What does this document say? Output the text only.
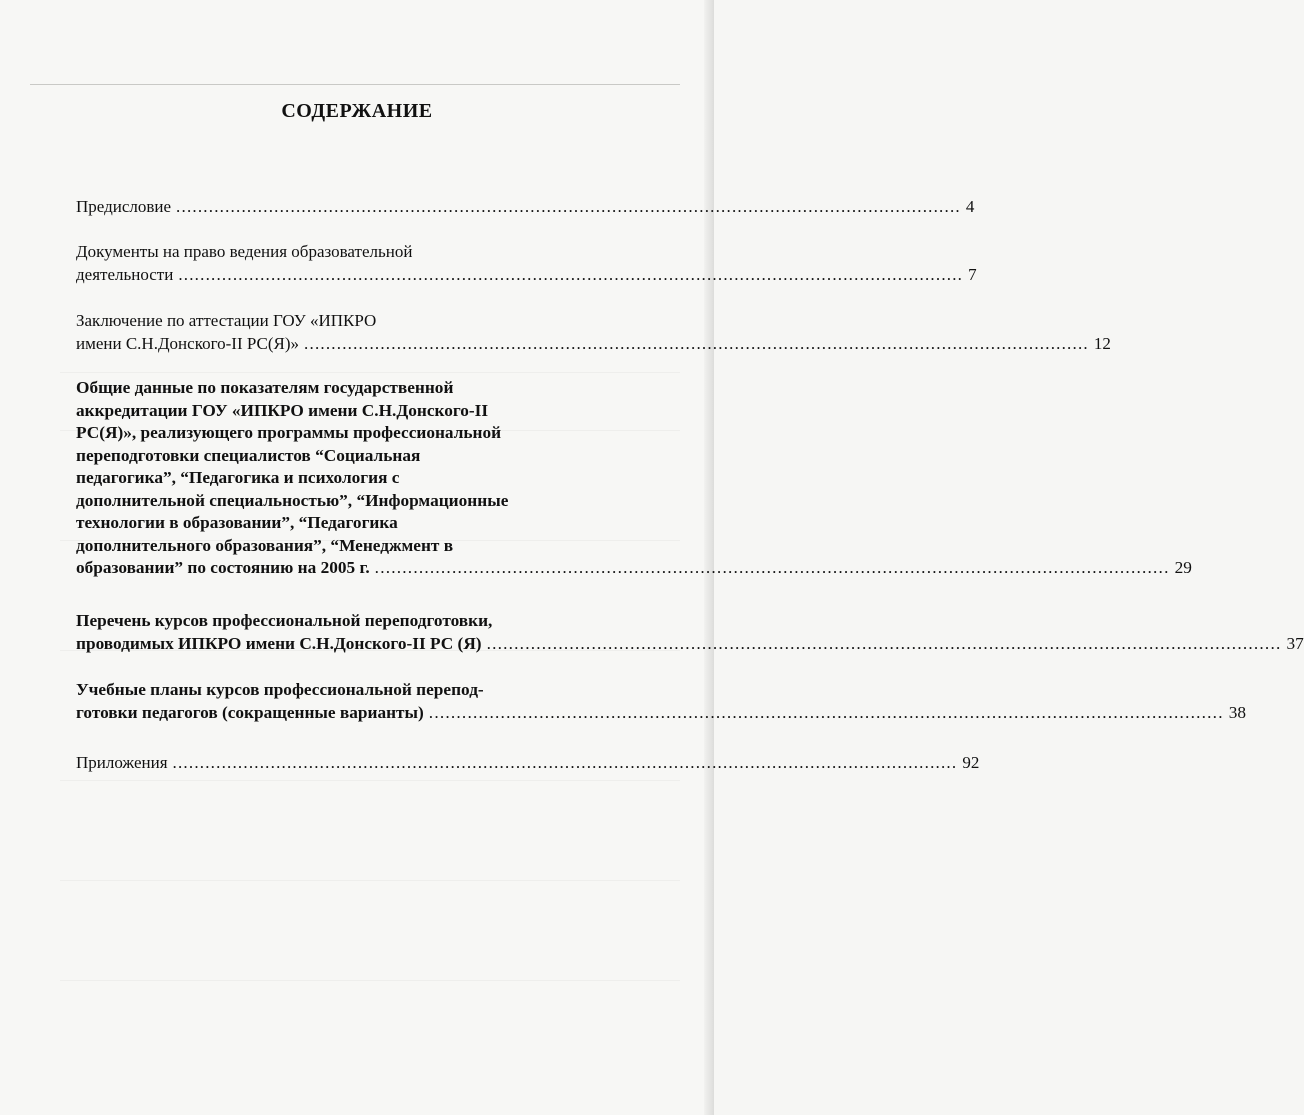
СОДЕРЖАНИЕ
Предисловие ................................................................................................................................................ 4
Документы на право ведения образовательной
деятельности ................................................................................................................................................ 7
Заключение по аттестации ГОУ «ИПКРО
имени С.Н.Донского-II РС(Я)» ................................................................................................................................................ 12
Общие данные по показателям государственной
аккредитации ГОУ «ИПКРО имени С.Н.Донского-II
РС(Я)», реализующего программы профессиональной
переподготовки специалистов “Социальная
педагогика”, “Педагогика и психология с
дополнительной специальностью”, “Информационные
технологии в образовании”, “Педагогика
дополнительного образования”, “Менеджмент в
образовании” по состоянию на 2005 г. ................................................................................................................................................ 29
Перечень курсов профессиональной переподготовки,
проводимых ИПКРО имени С.Н.Донского-II РС (Я) ................................................................................................................................................ 37
Учебные планы курсов профессиональной перепод-
готовки педагогов (сокращенные варианты) ................................................................................................................................................ 38
Приложения ................................................................................................................................................ 92
